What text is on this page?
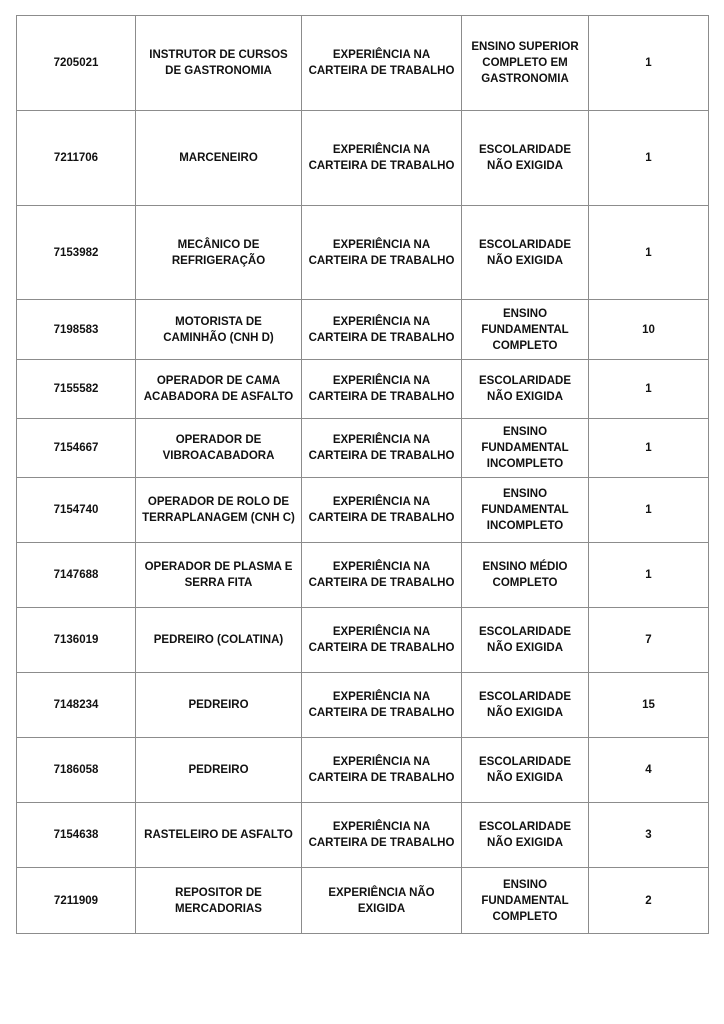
7205021	INSTRUTOR DE CURSOS DE GASTRONOMIA	EXPERIÊNCIA NA CARTEIRA DE TRABALHO	ENSINO SUPERIOR COMPLETO EM GASTRONOMIA	1
7211706	MARCENEIRO	EXPERIÊNCIA NA CARTEIRA DE TRABALHO	ESCOLARIDADE NÃO EXIGIDA	1
7153982	MECÂNICO DE REFRIGERAÇÃO	EXPERIÊNCIA NA CARTEIRA DE TRABALHO	ESCOLARIDADE NÃO EXIGIDA	1
7198583	MOTORISTA DE CAMINHÃO (CNH D)	EXPERIÊNCIA NA CARTEIRA DE TRABALHO	ENSINO FUNDAMENTAL COMPLETO	10
7155582	OPERADOR DE CAMA ACABADORA DE ASFALTO	EXPERIÊNCIA NA CARTEIRA DE TRABALHO	ESCOLARIDADE NÃO EXIGIDA	1
7154667	OPERADOR DE VIBROACABADORA	EXPERIÊNCIA NA CARTEIRA DE TRABALHO	ENSINO FUNDAMENTAL INCOMPLETO	1
7154740	OPERADOR DE ROLO DE TERRAPLANAGEM (CNH C)	EXPERIÊNCIA NA CARTEIRA DE TRABALHO	ENSINO FUNDAMENTAL INCOMPLETO	1
7147688	OPERADOR DE PLASMA E SERRA FITA	EXPERIÊNCIA NA CARTEIRA DE TRABALHO	ENSINO MÉDIO COMPLETO	1
7136019	PEDREIRO (COLATINA)	EXPERIÊNCIA NA CARTEIRA DE TRABALHO	ESCOLARIDADE NÃO EXIGIDA	7
7148234	PEDREIRO	EXPERIÊNCIA NA CARTEIRA DE TRABALHO	ESCOLARIDADE NÃO EXIGIDA	15
7186058	PEDREIRO	EXPERIÊNCIA NA CARTEIRA DE TRABALHO	ESCOLARIDADE NÃO EXIGIDA	4
7154638	RASTELEIRO DE ASFALTO	EXPERIÊNCIA NA CARTEIRA DE TRABALHO	ESCOLARIDADE NÃO EXIGIDA	3
7211909	REPOSITOR DE MERCADORIAS	EXPERIÊNCIA NÃO EXIGIDA	ENSINO FUNDAMENTAL COMPLETO	2
